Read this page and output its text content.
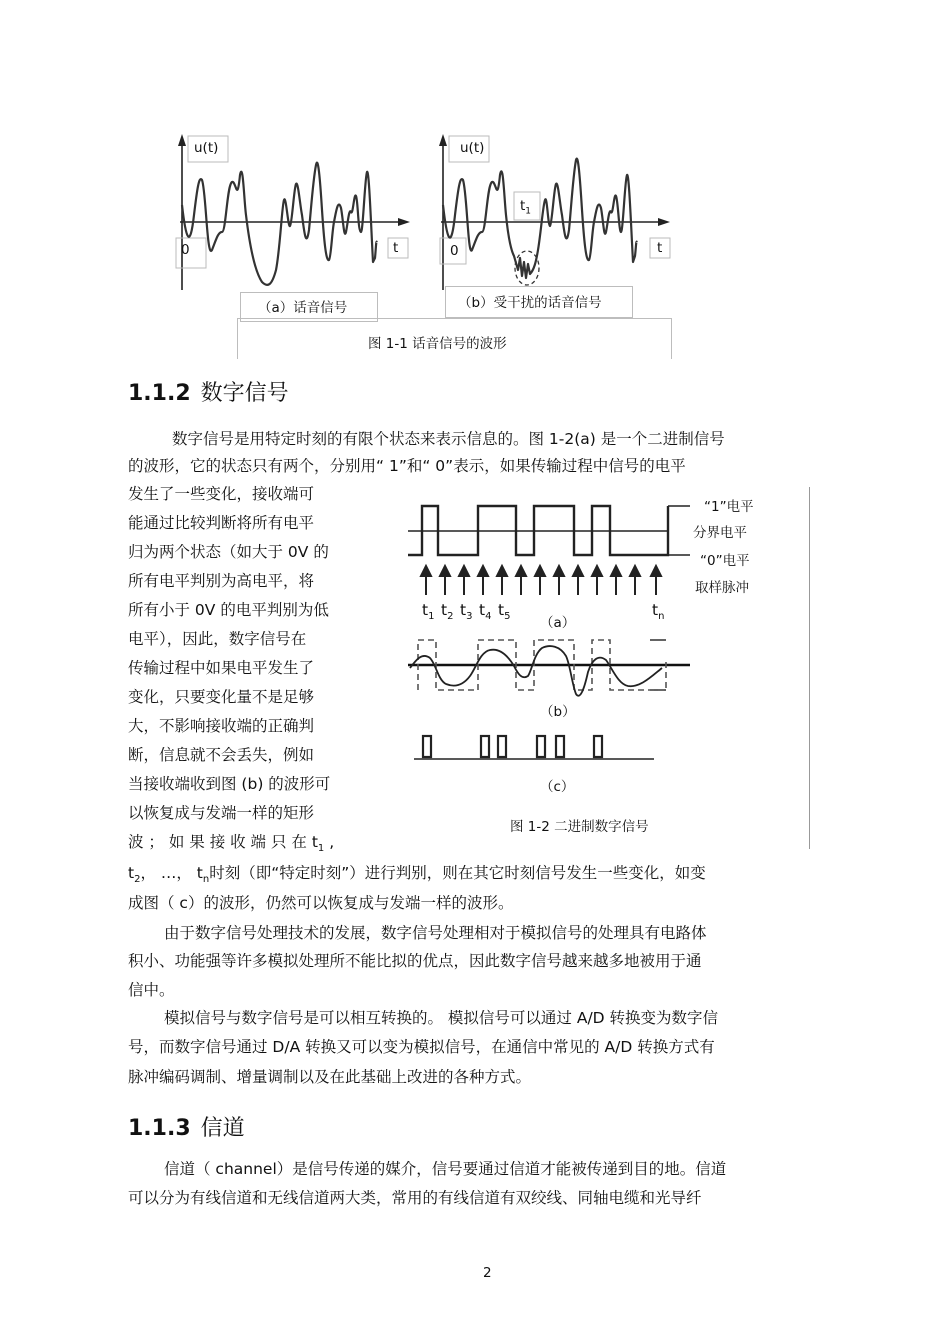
u(t)
0	t
u(t)
0	t
$t_1$
（a）话音信号	（b）受干扰的话音信号
图 1-1 话音信号的波形
1.1.2 数字信号
数字信号是用特定时刻的有限个状态来表示信息的。图 1-2(a) 是一个二进制信号
的波形，它的状态只有两个，分别用“ 1”和“ 0”表示，如果传输过程中信号的电平
发生了一些变化，接收端可
能通过比较判断将所有电平
归为两个状态（如大于 0V 的
所有电平判别为高电平，将
所有小于 0V 的电平判别为低
电平），因此，数字信号在
传输过程中如果电平发生了
变化，只要变化量不是足够
大，不影响接收端的正确判
断，信息就不会丢失，例如
当接收端收到图 (b) 的波形可
以恢复成与发端一样的矩形
波 ； 如 果 接 收 端 只 在 $t_1$ ,
“1”电平
分界电平
“0”电平
取样脉冲
$t_1$ $t_2$ $t_3$ $t_4$ $t_5$	$t_n$
（a）
（b）
（c）
图 1-2 二进制数字信号
$t_2$， …， $t_n$时刻（即“特定时刻”）进行判别，则在其它时刻信号发生一些变化，如变
成图（ c）的波形，仍然可以恢复成与发端一样的波形。
由于数字信号处理技术的发展，数字信号处理相对于模拟信号的处理具有电路体
积小、功能强等许多模拟处理所不能比拟的优点，因此数字信号越来越多地被用于通
信中。
模拟信号与数字信号是可以相互转换的。 模拟信号可以通过 A/D 转换变为数字信
号，而数字信号通过 D/A 转换又可以变为模拟信号，在通信中常见的 A/D 转换方式有
脉冲编码调制、增量调制以及在此基础上改进的各种方式。
1.1.3 信道
信道（ channel）是信号传递的媒介，信号要通过信道才能被传递到目的地。信道
可以分为有线信道和无线信道两大类，常用的有线信道有双绞线、同轴电缆和光导纤
2
